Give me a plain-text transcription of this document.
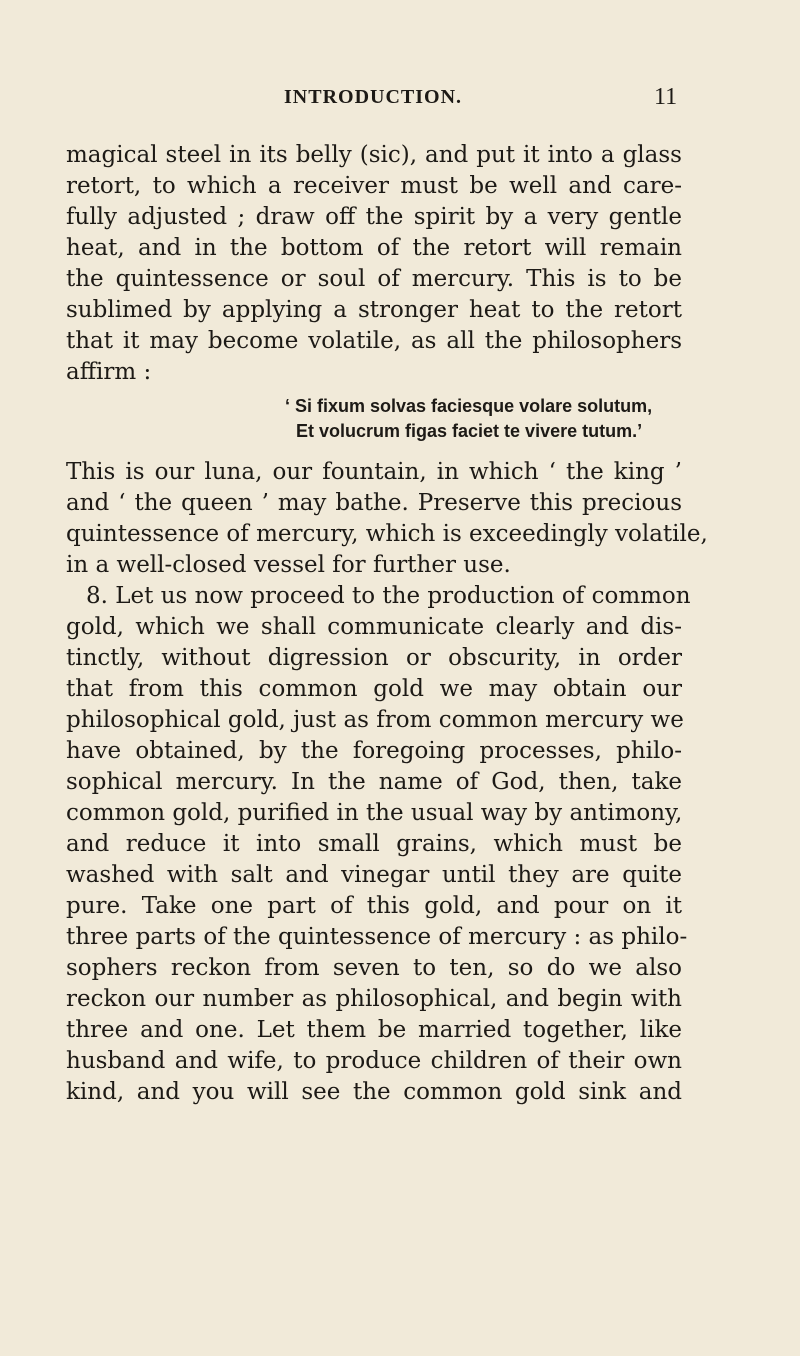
INTRODUCTION.	11
magical steel in its belly (sic), and put it into a glass
retort, to which a receiver must be well and care-
fully adjusted ; draw off the spirit by a very gentle
heat, and in the bottom of the retort will remain
the quintessence or soul of mercury. This is to be
sublimed by applying a stronger heat to the retort
that it may become volatile, as all the philosophers
affirm :
‘ Si fixum solvas faciesque volare solutum,
Et volucrum figas faciet te vivere tutum.’
This is our luna, our fountain, in which ‘ the king ’
and ‘ the queen ’ may bathe. Preserve this precious
quintessence of mercury, which is exceedingly volatile,
in a well-closed vessel for further use.
8. Let us now proceed to the production of common
gold, which we shall communicate clearly and dis-
tinctly, without digression or obscurity, in order
that from this common gold we may obtain our
philosophical gold, just as from common mercury we
have obtained, by the foregoing processes, philo-
sophical mercury. In the name of God, then, take
common gold, purified in the usual way by antimony,
and reduce it into small grains, which must be
washed with salt and vinegar until they are quite
pure. Take one part of this gold, and pour on it
three parts of the quintessence of mercury : as philo-
sophers reckon from seven to ten, so do we also
reckon our number as philosophical, and begin with
three and one. Let them be married together, like
husband and wife, to produce children of their own
kind, and you will see the common gold sink and
